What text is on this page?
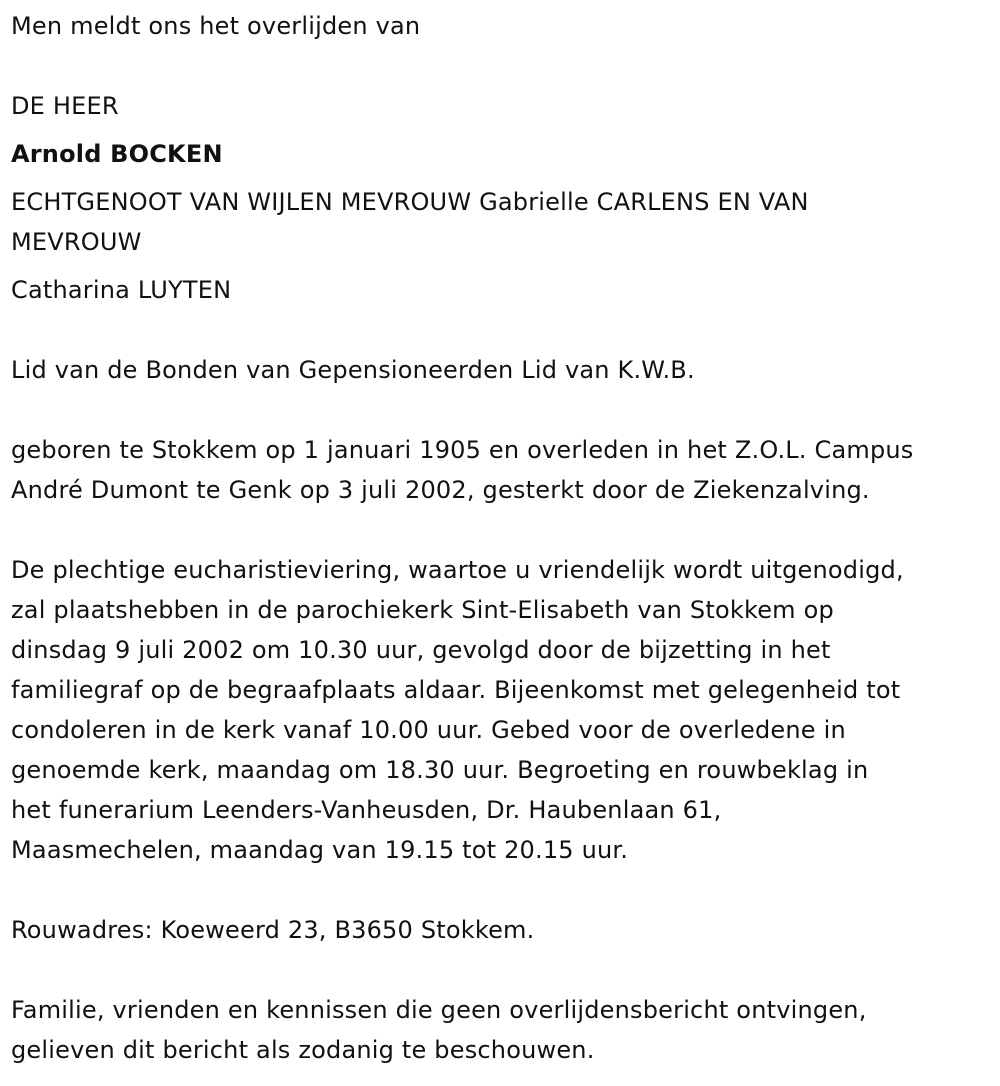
Men meldt ons het overlijden van

DE HEER

Arnold BOCKEN

ECHTGENOOT VAN WIJLEN MEVROUW Gabrielle CARLENS EN VAN

MEVROUW

Catharina LUYTEN

Lid van de Bonden van Gepensioneerden Lid van K.W.B.

geboren te Stokkem op 1 januari 1905 en overleden in het Z.O.L. Campus

André Dumont te Genk op 3 juli 2002, gesterkt door de Ziekenzalving.

De plechtige eucharistieviering, waartoe u vriendelijk wordt uitgenodigd,

zal plaatshebben in de parochiekerk Sint-Elisabeth van Stokkem op

dinsdag 9 juli 2002 om 10.30 uur, gevolgd door de bijzetting in het

familiegraf op de begraafplaats aldaar. Bijeenkomst met gelegenheid tot

condoleren in de kerk vanaf 10.00 uur. Gebed voor de overledene in

genoemde kerk, maandag om 18.30 uur. Begroeting en rouwbeklag in

het funerarium Leenders-Vanheusden, Dr. Haubenlaan 61,

Maasmechelen, maandag van 19.15 tot 20.15 uur.

Rouwadres: Koeweerd 23, B3650 Stokkem.

Familie, vrienden en kennissen die geen overlijdensbericht ontvingen,

gelieven dit bericht als zodanig te beschouwen.
